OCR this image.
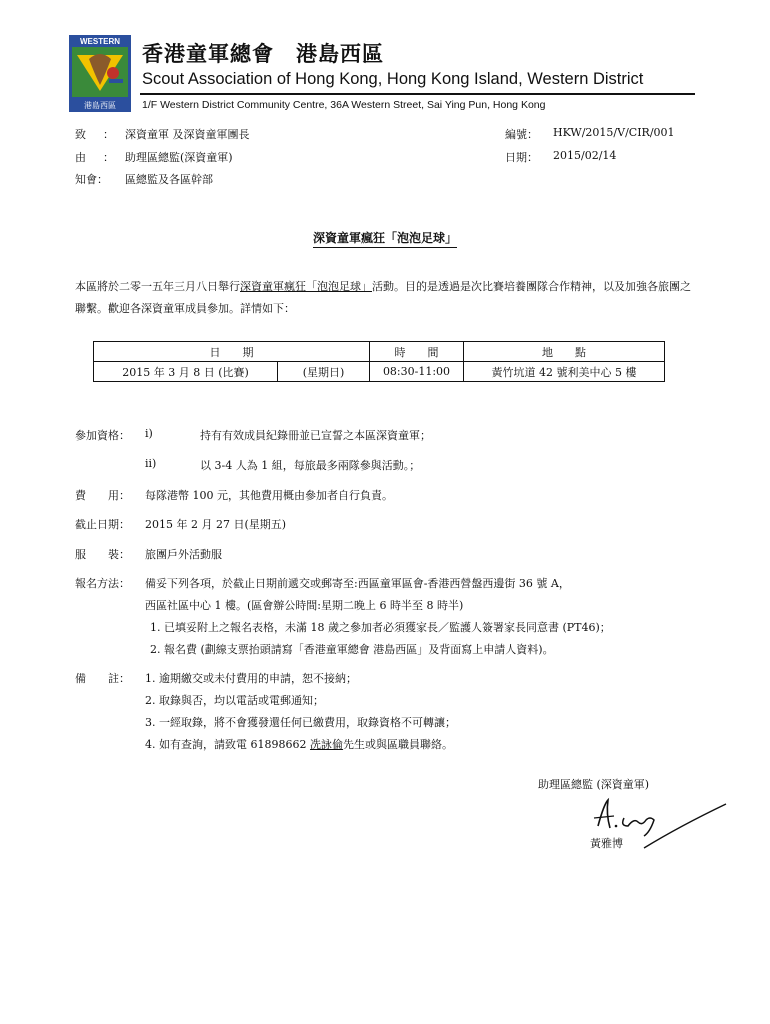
WESTERN
港島西區
香港童軍總會 港島西區
Scout Association of Hong Kong, Hong Kong Island, Western District
1/F Western District Community Centre, 36A Western Street, Sai Ying Pun, Hong Kong
致 ： 深資童軍 及深資童軍團長
由 ： 助理區總監(深資童軍)
知會： 區總監及各區幹部
編號： HKW/2015/V/CIR/001
日期： 2015/02/14
深資童軍瘋狂「泡泡足球」
本區將於二零一五年三月八日舉行深資童軍瘋狂「泡泡足球」活動。目的是透過是次比賽培養團隊合作精神，以及加強各旅團之聯繫。歡迎各深資童軍成員參加。詳情如下：
日　　期		時　　間	地　　點
2015 年 3 月 8 日 (比賽)	(星期日)	08:30-11:00	黃竹坑道 42 號利美中心 5 樓
參加資格： i)	持有有效成員紀錄冊並已宣誓之本區深資童軍；
ii)	以 3-4 人為 1 組，每旅最多兩隊參與活動。；
費　　用： 每隊港幣 100 元，其他費用概由參加者自行負責。
截止日期： 2015 年 2 月 27 日(星期五)
服　　裝： 旅團戶外活動服
報名方法： 備妥下列各項，於截止日期前遞交或郵寄至:西區童軍區會-香港西營盤西邊街 36 號 A，
西區社區中心 1 樓。(區會辦公時間:星期二晚上 6 時半至 8 時半)
1. 已填妥附上之報名表格，未滿 18 歲之參加者必須獲家長／監護人簽署家長同意書 (PT46)；
2. 報名費 (劃線支票抬頭請寫「香港童軍總會 港島西區」及背面寫上申請人資料)。
備　　註： 1. 逾期繳交或未付費用的申請，恕不接納；
2. 取錄與否，均以電話或電郵通知；
3. 一經取錄，將不會獲發還任何已繳費用，取錄資格不可轉讓；
4. 如有查詢，請致電 61898662 冼詠倫先生或與區職員聯絡。
助理區總監 (深資童軍)
黃雅博
